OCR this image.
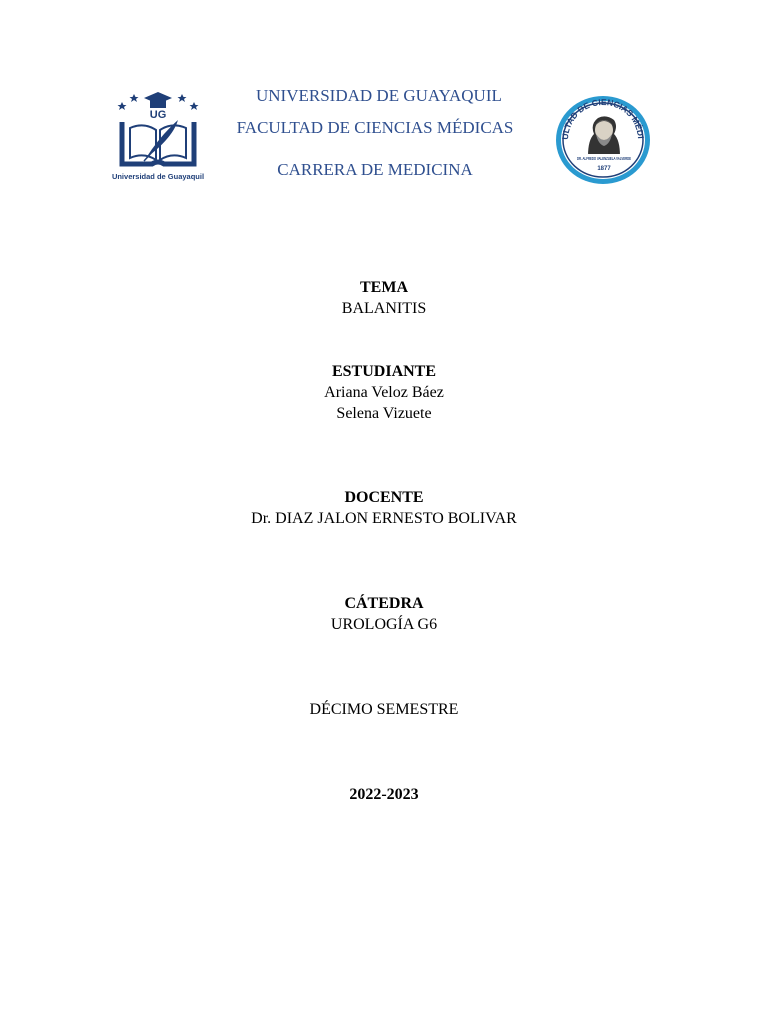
UG
Universidad de Guayaquil
UNIVERSIDAD DE GUAYAQUIL
FACULTAD DE CIENCIAS MÉDICAS
CARRERA DE MEDICINA
ULTAD DE CIENCIAS MÉDI
DR. ALFREDO VALENZUELA VALVERDE
1877
TEMA
BALANITIS
ESTUDIANTE
Ariana Veloz Báez
Selena Vizuete
DOCENTE
Dr. DIAZ JALON ERNESTO BOLIVAR
CÁTEDRA
UROLOGÍA G6
DÉCIMO SEMESTRE
2022-2023
